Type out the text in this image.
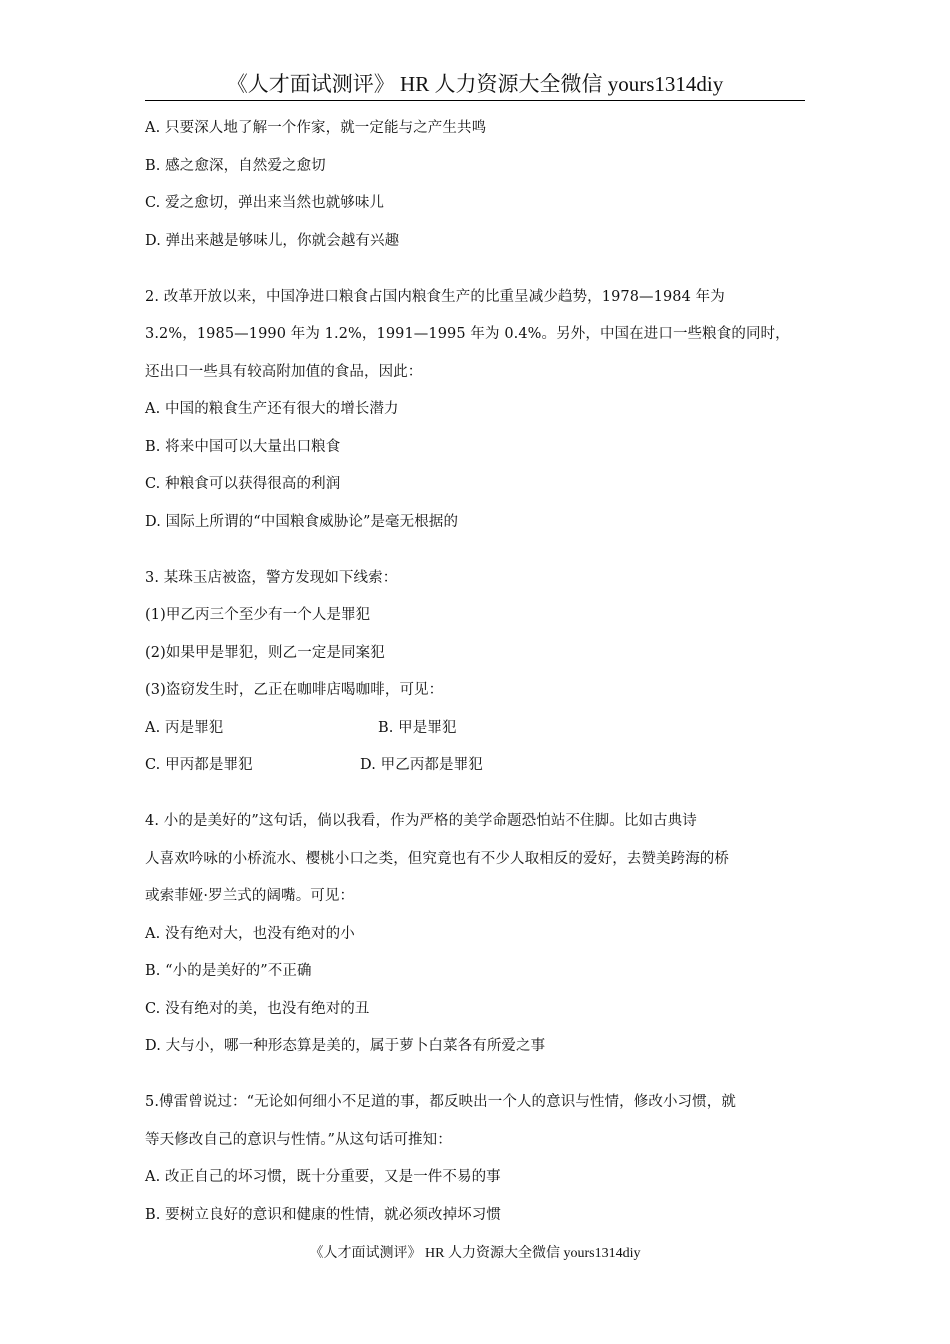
《人才面试测评》 HR 人力资源大全微信 yours1314diy
A. 只要深人地了解一个作家，就一定能与之产生共鸣
B. 感之愈深，自然爱之愈切
C. 爱之愈切，弹出来当然也就够味儿
D. 弹出来越是够味儿，你就会越有兴趣
2. 改革开放以来，中国净进口粮食占国内粮食生产的比重呈减少趋势，1978—1984 年为
3.2%，1985—1990 年为 1.2%，1991—1995 年为 0.4%。另外，中国在进口一些粮食的同时，
还出口一些具有较高附加值的食品，因此：
A. 中国的粮食生产还有很大的增长潜力
B. 将来中国可以大量出口粮食
C. 种粮食可以获得很高的利润
D. 国际上所谓的“中国粮食威胁论”是毫无根据的
3. 某珠玉店被盗，警方发现如下线索：
(1)甲乙丙三个至少有一个人是罪犯
(2)如果甲是罪犯，则乙一定是同案犯
(3)盗窃发生时，乙正在咖啡店喝咖啡，可见：
A. 丙是罪犯	B. 甲是罪犯
C. 甲丙都是罪犯	D. 甲乙丙都是罪犯
4. 小的是美好的”这句话，倘以我看，作为严格的美学命题恐怕站不住脚。比如古典诗
人喜欢吟咏的小桥流水、樱桃小口之类，但究竟也有不少人取相反的爱好，去赞美跨海的桥
或索菲娅·罗兰式的阔嘴。可见：
A. 没有绝对大，也没有绝对的小
B. “小的是美好的”不正确
C. 没有绝对的美，也没有绝对的丑
D. 大与小，哪一种形态算是美的，属于萝卜白菜各有所爱之事
5.傅雷曾说过：“无论如何细小不足道的事，都反映出一个人的意识与性情，修改小习惯，就
等天修改自己的意识与性情。”从这句话可推知：
A. 改正自己的坏习惯，既十分重要，又是一件不易的事
B. 要树立良好的意识和健康的性情，就必须改掉坏习惯
《人才面试测评》 HR 人力资源大全微信 yours1314diy
